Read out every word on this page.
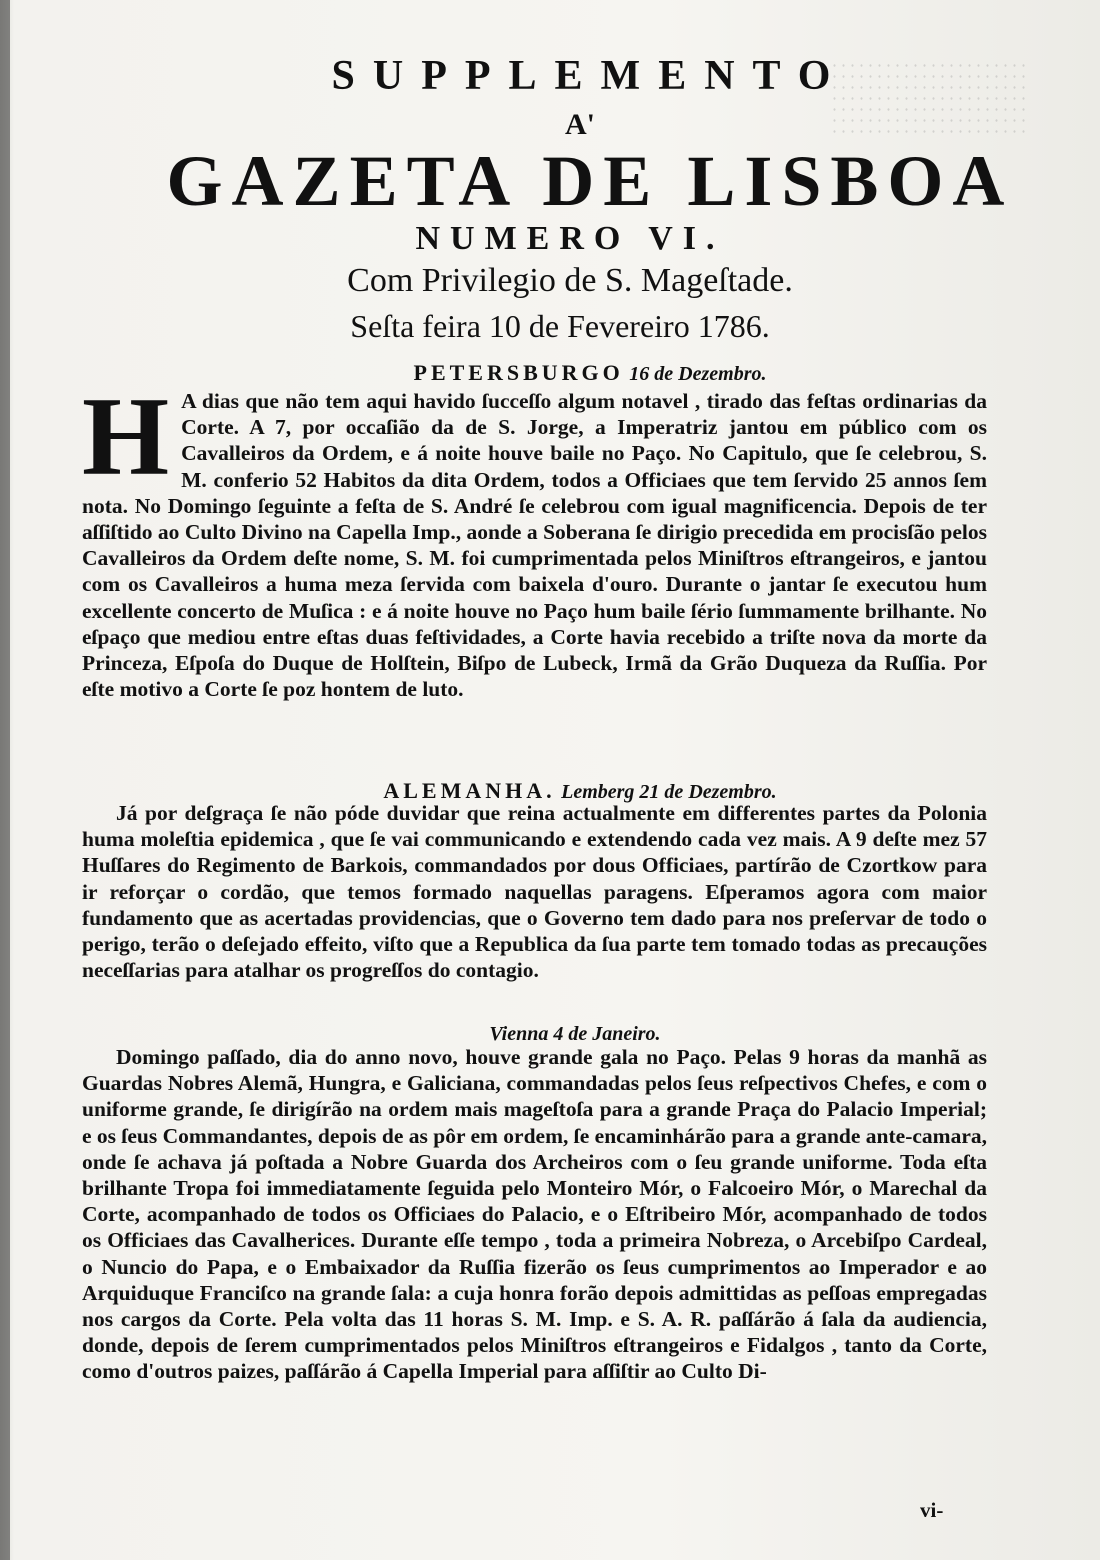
SUPPLEMENTO
A'
GAZETA DE LISBOA
NUMERO VI.
Com Privilegio de S. Mageſtade.
Seſta feira 10 de Fevereiro 1786.
PETERSBURGO 16 de Dezembro.
H A dias que não tem aqui havido ſucceſſo algum notavel , tirado das feſtas ordinarias da Corte. A 7, por occaſião da de S. Jorge, a Imperatriz jantou em público com os Cavalleiros da Ordem, e á noite houve baile no Paço. No Capitulo, que ſe celebrou, S. M. conferio 52 Habitos da dita Ordem, todos a Officiaes que tem ſervido 25 annos ſem nota. No Domingo ſeguinte a feſta de S. André ſe celebrou com igual magnificencia. Depois de ter aſſiſtido ao Culto Divino na Capella Imp., aonde a Soberana ſe dirigio precedida em procisſão pelos Cavalleiros da Ordem deſte nome, S. M. foi cumprimentada pelos Miniſtros eſtrangeiros, e jantou com os Cavalleiros a huma meza ſervida com baixela d'ouro. Durante o jantar ſe executou hum excellente concerto de Muſica : e á noite houve no Paço hum baile ſério ſummamente brilhante. No eſpaço que mediou entre eſtas duas feſtividades, a Corte havia recebido a triſte nova da morte da Princeza, Eſpoſa do Duque de Holſtein, Biſpo de Lubeck, Irmã da Grão Duqueza da Ruſſia. Por eſte motivo a Corte ſe poz hontem de luto.
ALEMANHA. Lemberg 21 de Dezembro.
Já por deſgraça ſe não póde duvidar que reina actualmente em differentes partes da Polonia huma moleſtia epidemica , que ſe vai communicando e extendendo cada vez mais. A 9 deſte mez 57 Huſſares do Regimento de Barkois, commandados por dous Officiaes, partírão de Czortkow para ir reforçar o cordão, que temos formado naquellas paragens. Eſperamos agora com maior fundamento que as acertadas providencias, que o Governo tem dado para nos preſervar de todo o perigo, terão o deſejado effeito, viſto que a Republica da ſua parte tem tomado todas as precauções neceſſarias para atalhar os progreſſos do contagio.
Vienna 4 de Janeiro.
Domingo paſſado, dia do anno novo, houve grande gala no Paço. Pelas 9 horas da manhã as Guardas Nobres Alemã, Hungra, e Galiciana, commandadas pelos ſeus reſpectivos Chefes, e com o uniforme grande, ſe dirigírão na ordem mais mageſtoſa para a grande Praça do Palacio Imperial; e os ſeus Commandantes, depois de as pôr em ordem, ſe encaminhárão para a grande ante-camara, onde ſe achava já poſtada a Nobre Guarda dos Archeiros com o ſeu grande uniforme. Toda eſta brilhante Tropa foi immediatamente ſeguida pelo Monteiro Mór, o Falcoeiro Mór, o Marechal da Corte, acompanhado de todos os Officiaes do Palacio, e o Eſtribeiro Mór, acompanhado de todos os Officiaes das Cavalherices. Durante eſſe tempo , toda a primeira Nobreza, o Arcebiſpo Cardeal, o Nuncio do Papa, e o Embaixador da Ruſſia fizerão os ſeus cumprimentos ao Imperador e ao Arquiduque Franciſco na grande ſala: a cuja honra forão depois admittidas as peſſoas empregadas nos cargos da Corte. Pela volta das 11 horas S. M. Imp. e S. A. R. paſſárão á ſala da audiencia, donde, depois de ſerem cumprimentados pelos Miniſtros eſtrangeiros e Fidalgos , tanto da Corte, como d'outros paizes, paſſárão á Capella Imperial para aſſiſtir ao Culto Di-
vi-
